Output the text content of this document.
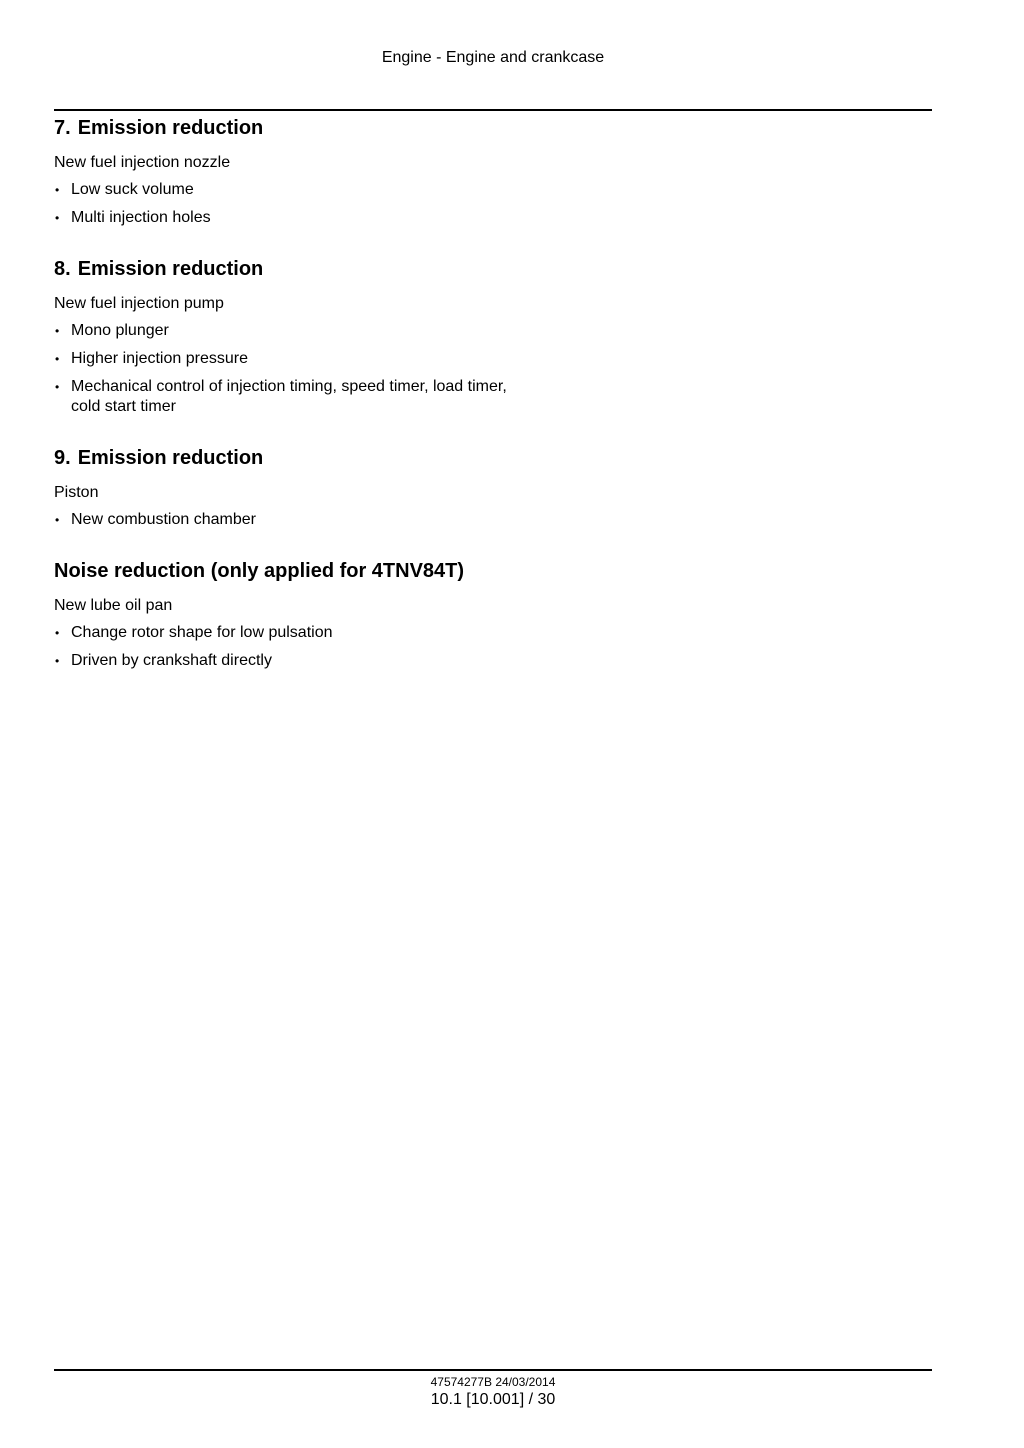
Engine - Engine and crankcase
7. Emission reduction
New fuel injection nozzle
• Low suck volume
• Multi injection holes
8. Emission reduction
New fuel injection pump
• Mono plunger
• Higher injection pressure
• Mechanical control of injection timing, speed timer, load timer, cold start timer
9. Emission reduction
Piston
• New combustion chamber
Noise reduction (only applied for 4TNV84T)
New lube oil pan
• Change rotor shape for low pulsation
• Driven by crankshaft directly
47574277B 24/03/2014
10.1 [10.001] / 30
